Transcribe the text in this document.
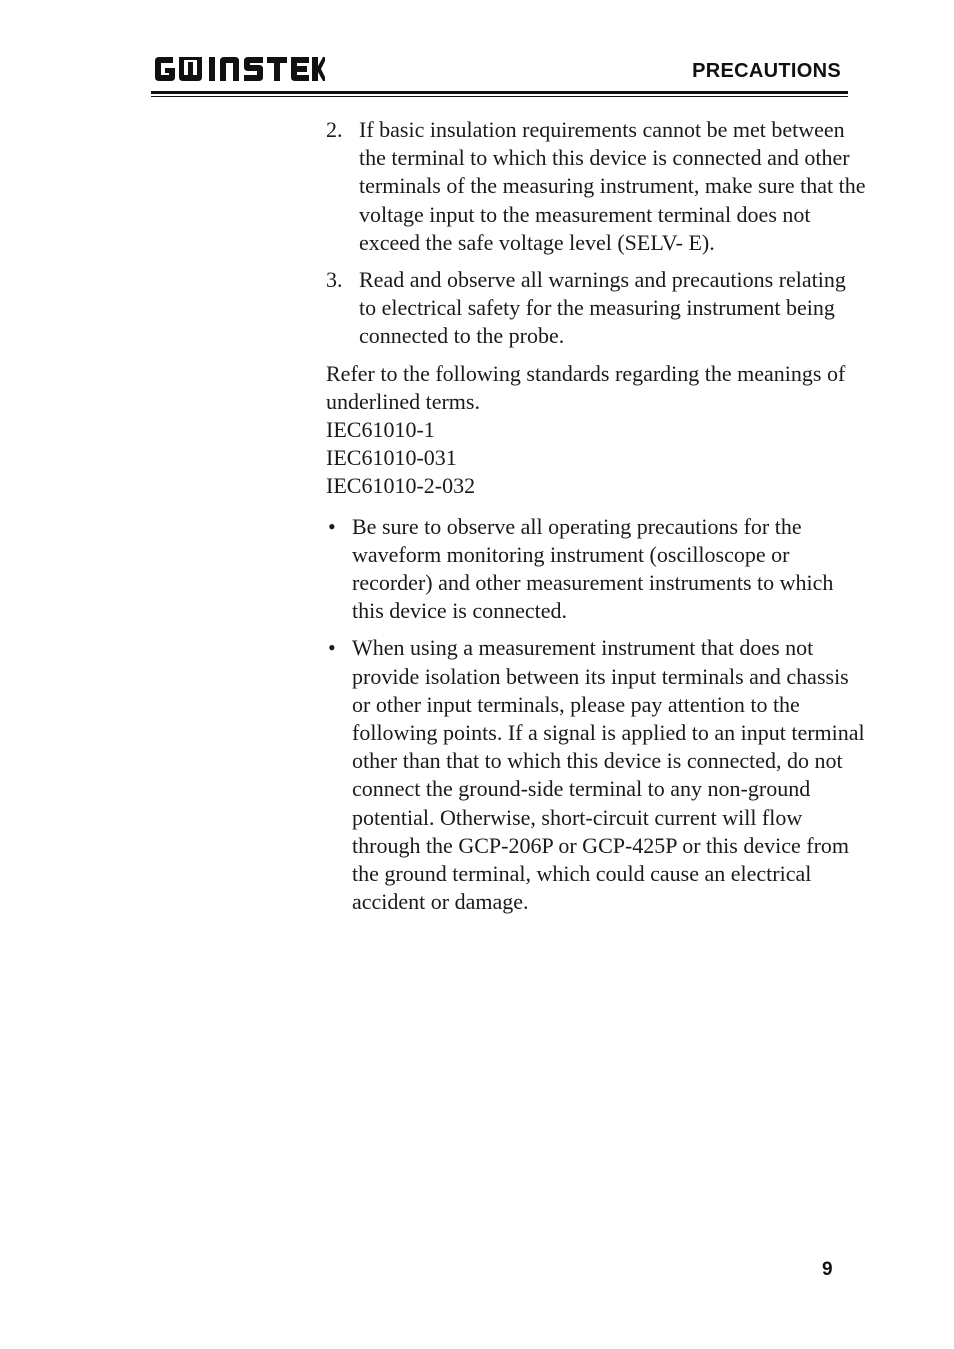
PRECAUTIONS
2. If basic insulation requirements cannot be met between the terminal to which this device is connected and other terminals of the measuring instrument, make sure that the voltage input to the measurement terminal does not exceed the safe voltage level (SELV- E).
3. Read and observe all warnings and precautions relating to electrical safety for the measuring instrument being connected to the probe.
Refer to the following standards regarding the meanings of underlined terms.
IEC61010-1
IEC61010-031
IEC61010-2-032
• Be sure to observe all operating precautions for the waveform monitoring instrument (oscilloscope or recorder) and other measurement instruments to which this device is connected.
• When using a measurement instrument that does not provide isolation between its input terminals and chassis or other input terminals, please pay attention to the following points. If a signal is applied to an input terminal other than that to which this device is connected, do not connect the ground-side terminal to any non-ground potential. Otherwise, short-circuit current will flow through the GCP-206P or GCP-425P or this device from the ground terminal, which could cause an electrical accident or damage.
9
